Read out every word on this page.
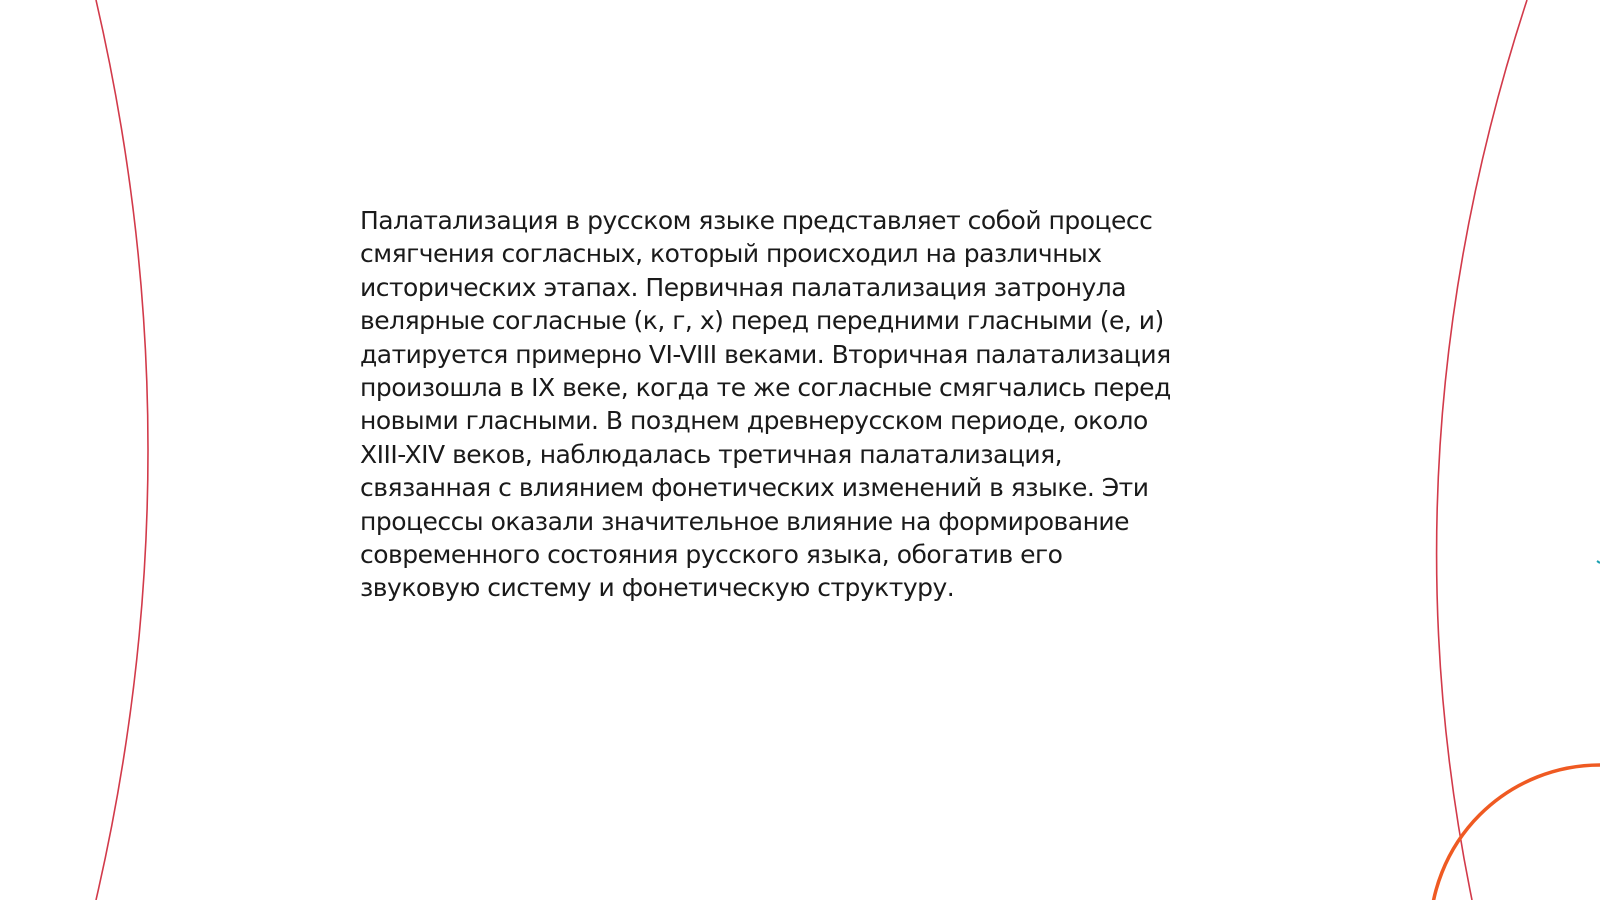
Палатализация в русском языке представляет собой процесс
смягчения согласных, который происходил на различных
исторических этапах. Первичная палатализация затронула
велярные согласные (к, г, х) перед передними гласными (е, и)
датируется примерно VI-VIII веками. Вторичная палатализация
произошла в IX веке, когда те же согласные смягчались перед
новыми гласными. В позднем древнерусском периоде, около
XIII-XIV веков, наблюдалась третичная палатализация,
связанная с влиянием фонетических изменений в языке. Эти
процессы оказали значительное влияние на формирование
современного состояния русского языка, обогатив его
звуковую систему и фонетическую структуру.
